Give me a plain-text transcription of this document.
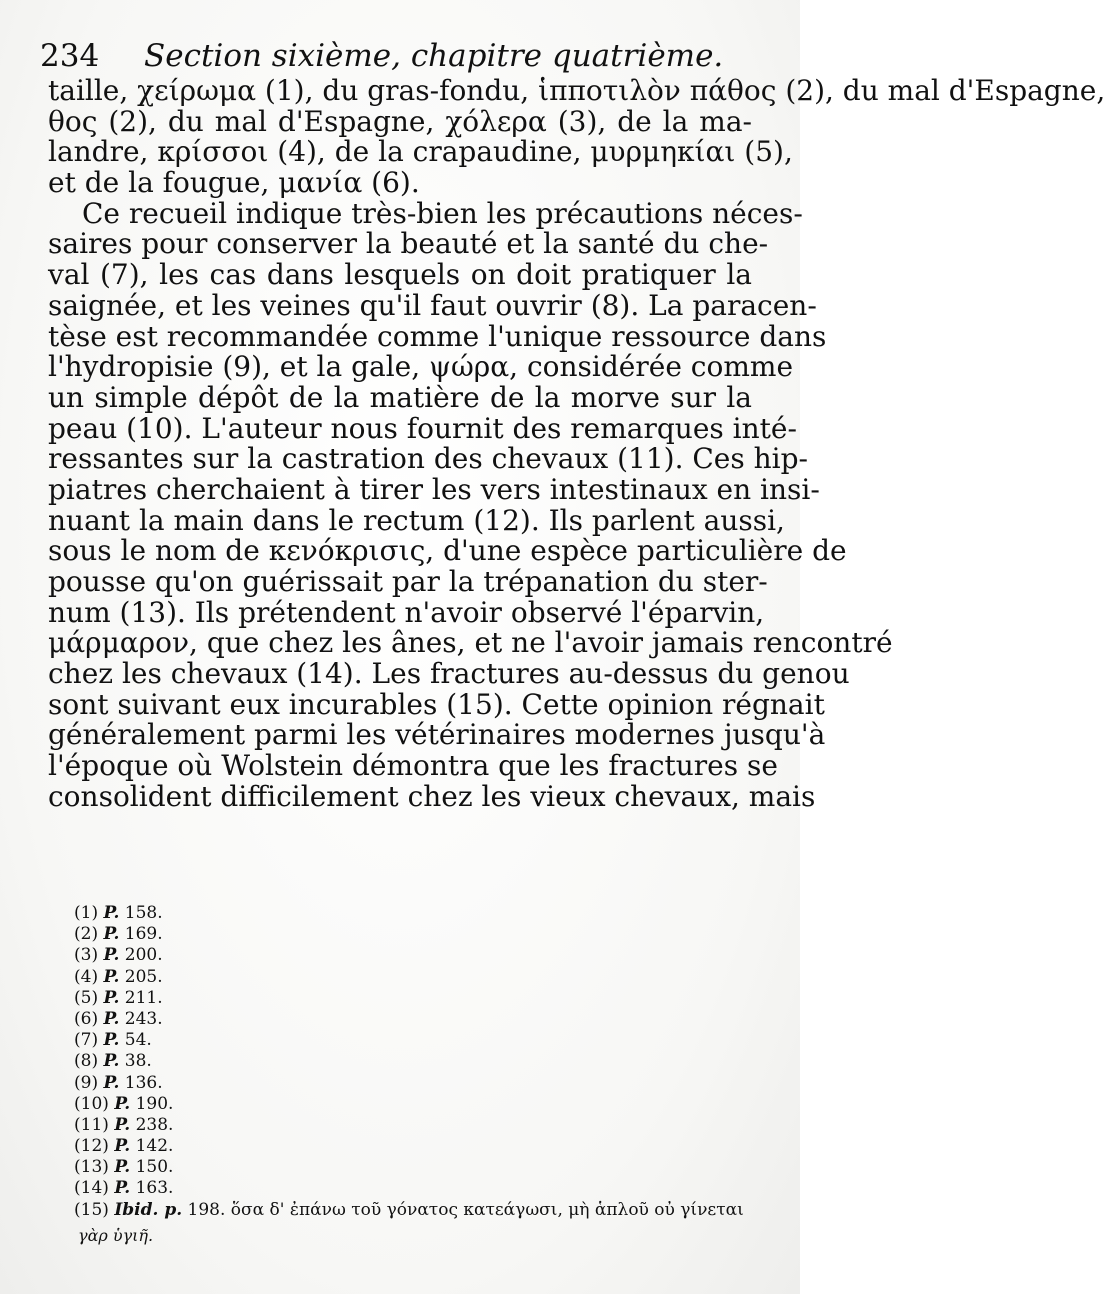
234 Section sixième, chapitre quatrième.
taille, χείρωμα (1), du gras-fondu, ἱπποτιλὸν πάθος (2), du mal d'Espagne,
θος (2), du mal d'Espagne, χόλερα (3), de la ma-
landre, κρίσσοι (4), de la crapaudine, μυρμηκίαι (5),
et de la fougue, μανία (6).
Ce recueil indique très-bien les précautions néces-
saires pour conserver la beauté et la santé du che-
val (7), les cas dans lesquels on doit pratiquer la
saignée, et les veines qu'il faut ouvrir (8). La paracen-
tèse est recommandée comme l'unique ressource dans
l'hydropisie (9), et la gale, ψώρα, considérée comme
un simple dépôt de la matière de la morve sur la
peau (10). L'auteur nous fournit des remarques inté-
ressantes sur la castration des chevaux (11). Ces hip-
piatres cherchaient à tirer les vers intestinaux en insi-
nuant la main dans le rectum (12). Ils parlent aussi,
sous le nom de κενόκρισις, d'une espèce particulière de
pousse qu'on guérissait par la trépanation du ster-
num (13). Ils prétendent n'avoir observé l'éparvin,
μάρμαρον, que chez les ânes, et ne l'avoir jamais rencontré
chez les chevaux (14). Les fractures au-dessus du genou
sont suivant eux incurables (15). Cette opinion régnait
généralement parmi les vétérinaires modernes jusqu'à
l'époque où Wolstein démontra que les fractures se
consolident difficilement chez les vieux chevaux, mais
(1) P. 158.
(2) P. 169.
(3) P. 200.
(4) P. 205.
(5) P. 211.
(6) P. 243.
(7) P. 54.
(8) P. 38.
(9) P. 136.
(10) P. 190.
(11) P. 238.
(12) P. 142.
(13) P. 150.
(14) P. 163.
(15) Ibid. p. 198. ὅσα δ' ἐπάνω τοῦ γόνατος κατεάγωσι, μὴ ἁπλοῦ οὐ γίνεται
γὰρ ὑγιῆ.
